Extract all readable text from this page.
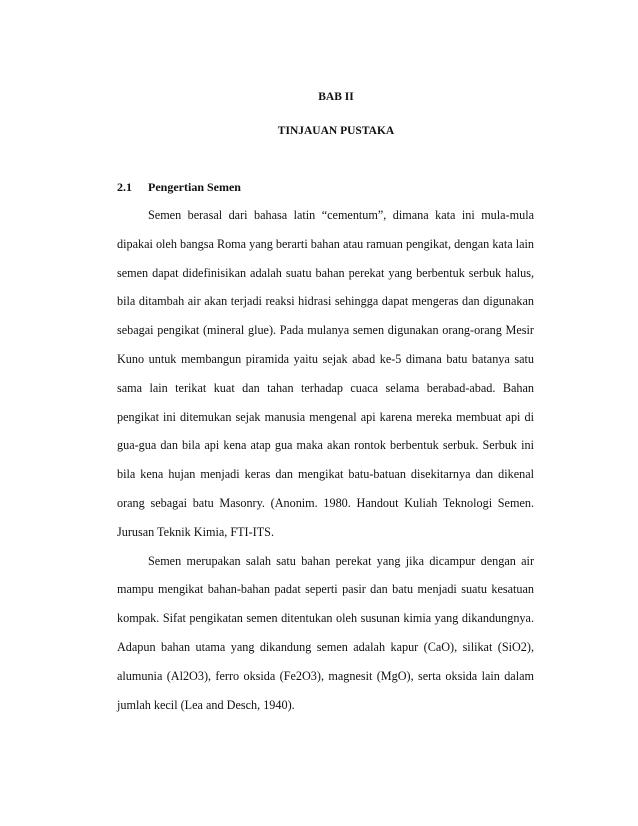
BAB II
TINJAUAN PUSTAKA
2.1 Pengertian Semen

Semen berasal dari bahasa latin “cementum”, dimana kata ini mula-mula dipakai oleh bangsa Roma yang berarti bahan atau ramuan pengikat, dengan kata lain semen dapat didefinisikan adalah suatu bahan perekat yang berbentuk serbuk halus, bila ditambah air akan terjadi reaksi hidrasi sehingga dapat mengeras dan digunakan sebagai pengikat (mineral glue). Pada mulanya semen digunakan orang-orang Mesir Kuno untuk membangun piramida yaitu sejak abad ke-5 dimana batu batanya satu sama lain terikat kuat dan tahan terhadap cuaca selama berabad-abad. Bahan pengikat ini ditemukan sejak manusia mengenal api karena mereka membuat api di gua-gua dan bila api kena atap gua maka akan rontok berbentuk serbuk. Serbuk ini bila kena hujan menjadi keras dan mengikat batu-batuan disekitarnya dan dikenal orang sebagai batu Masonry. (Anonim. 1980. Handout Kuliah Teknologi Semen. Jurusan Teknik Kimia, FTI-ITS.

Semen merupakan salah satu bahan perekat yang jika dicampur dengan air mampu mengikat bahan-bahan padat seperti pasir dan batu menjadi suatu kesatuan kompak. Sifat pengikatan semen ditentukan oleh susunan kimia yang dikandungnya. Adapun bahan utama yang dikandung semen adalah kapur (CaO), silikat (SiO2), alumunia (Al2O3), ferro oksida (Fe2O3), magnesit (MgO), serta oksida lain dalam jumlah kecil (Lea and Desch, 1940).
